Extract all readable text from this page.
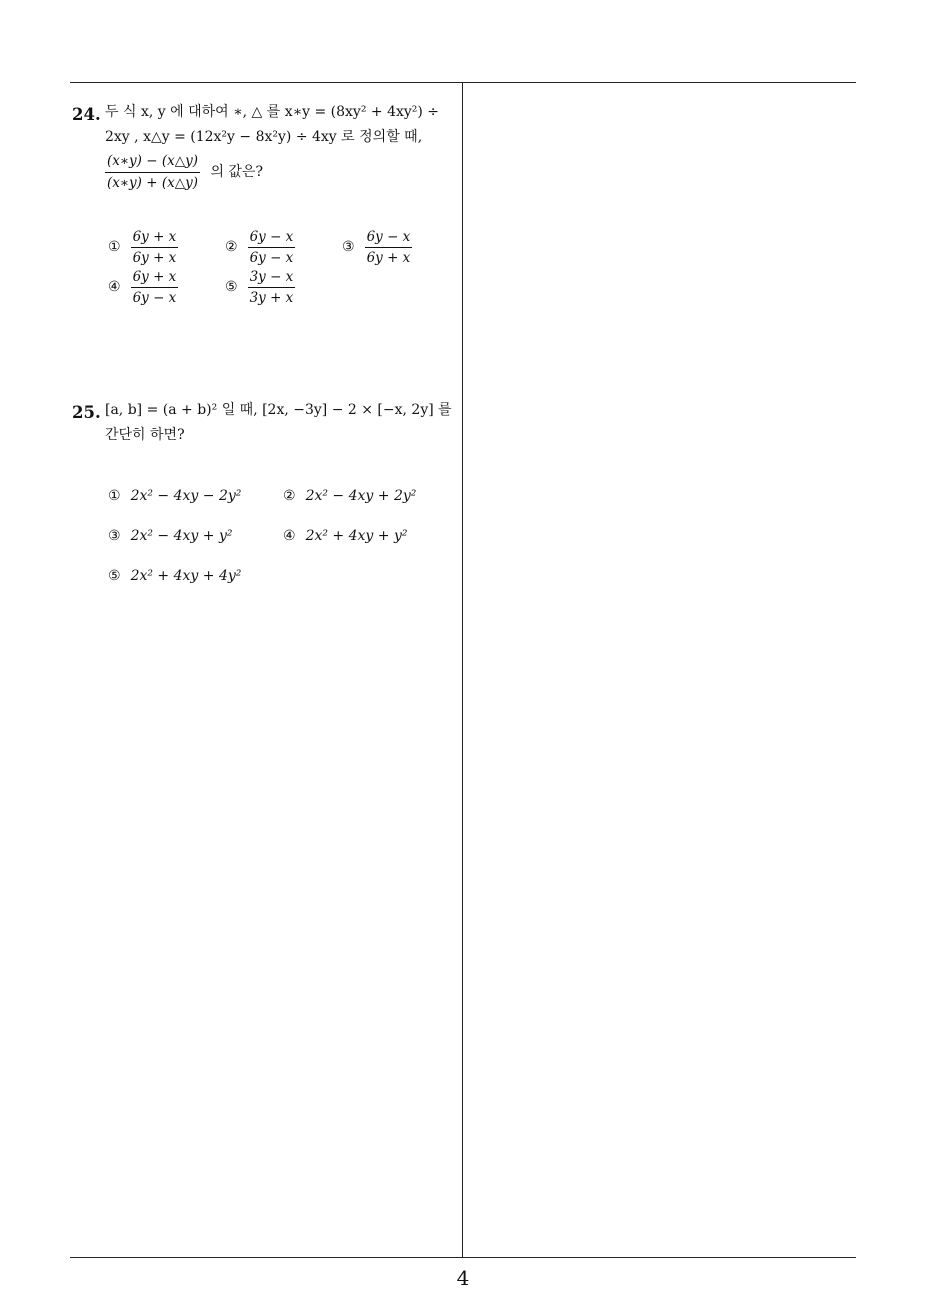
24. 두 식 x, y 에 대하여 ∗, △ 를 x∗y = (8xy² + 4xy²) ÷
2xy , x△y = (12x²y − 8x²y) ÷ 4xy 로 정의할 때,
$\frac{(x∗y) - (x\triangle y)}{(x∗y) + (x\triangle y)}$ 의 값은?
① $\frac{6y + x}{6y + x}$	② $\frac{6y - x}{6y - x}$	③ $\frac{6y - x}{6y + x}$
④ $\frac{6y + x}{6y - x}$	⑤ $\frac{3y - x}{3y + x}$
25. [a, b] = (a + b)² 일 때, [2x, −3y] − 2 × [−x, 2y] 를
간단히 하면?
① 2x² − 4xy − 2y²	② 2x² − 4xy + 2y²
③ 2x² − 4xy + y²	④ 2x² + 4xy + y²
⑤ 2x² + 4xy + 4y²
4
